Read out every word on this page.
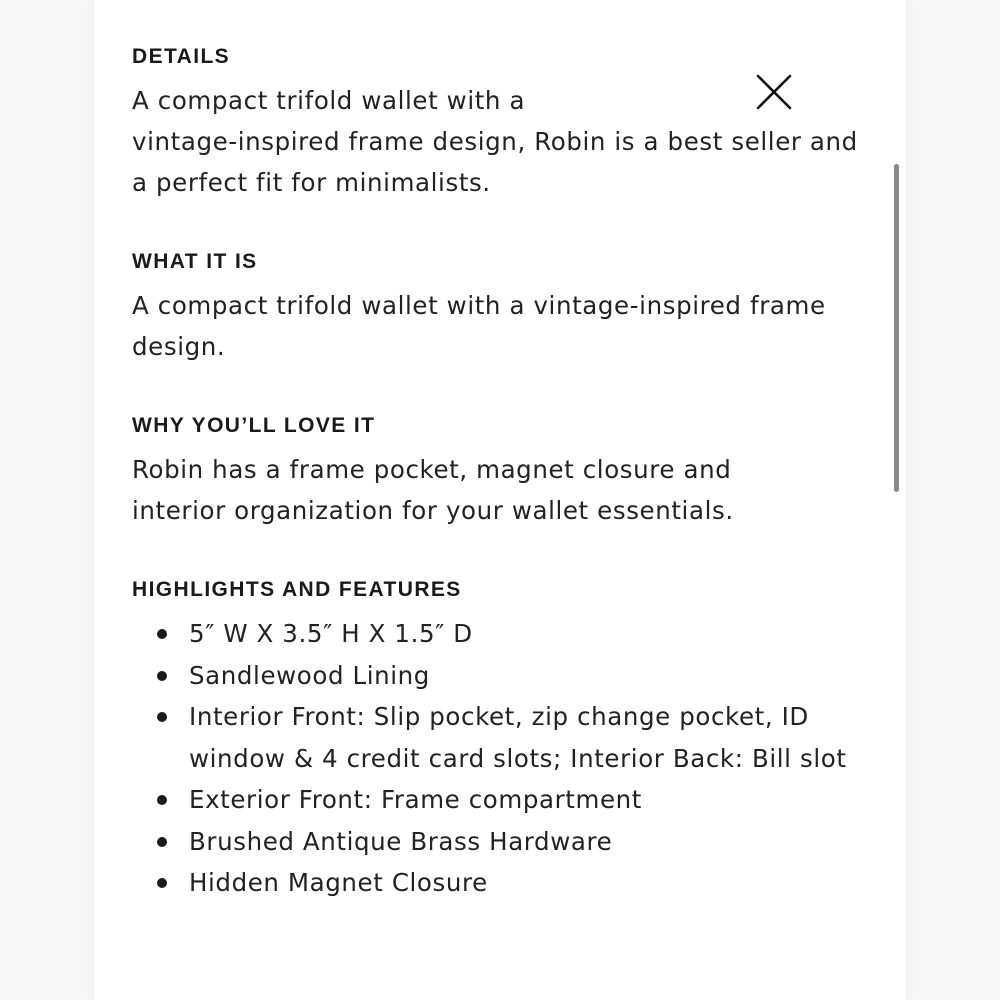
DETAILS

A compact trifold wallet with a
vintage-inspired frame design, Robin is a best seller and a perfect fit for minimalists.

WHAT IT IS

A compact trifold wallet with a vintage-inspired frame design.

WHY YOU’LL LOVE IT

Robin has a frame pocket, magnet closure and interior organization for your wallet essentials.

HIGHLIGHTS AND FEATURES
5″ W X 3.5″ H X 1.5″ D
Sandlewood Lining
Interior Front: Slip pocket, zip change pocket, ID window & 4 credit card slots; Interior Back: Bill slot
Exterior Front: Frame compartment
Brushed Antique Brass Hardware
Hidden Magnet Closure
